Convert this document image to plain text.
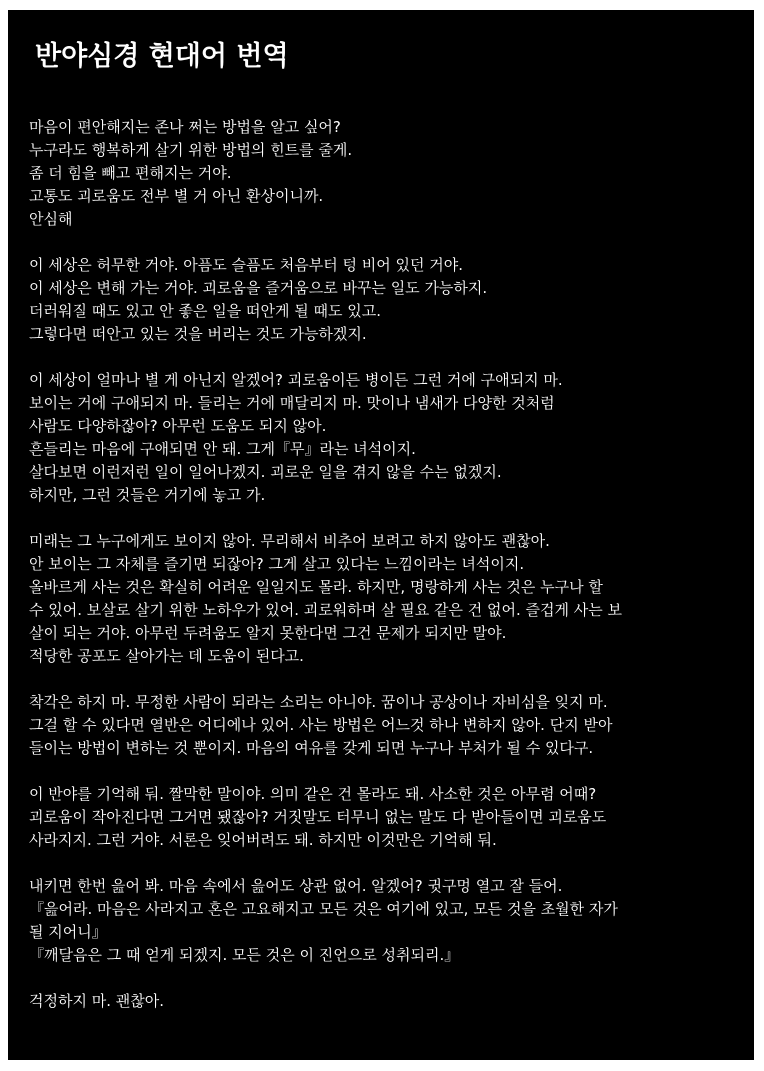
반야심경 현대어 번역

마음이 편안해지는 존나 쩌는 방법을 알고 싶어?
누구라도 행복하게 살기 위한 방법의 힌트를 줄게.
좀 더 힘을 빼고 편해지는 거야.
고통도 괴로움도 전부 별 거 아닌 환상이니까.
안심해

이 세상은 허무한 거야. 아픔도 슬픔도 처음부터 텅 비어 있던 거야.
이 세상은 변해 가는 거야. 괴로움을 즐거움으로 바꾸는 일도 가능하지.
더러워질 때도 있고 안 좋은 일을 떠안게 될 때도 있고.
그렇다면 떠안고 있는 것을 버리는 것도 가능하겠지.

이 세상이 얼마나 별 게 아닌지 알겠어? 괴로움이든 병이든 그런 거에 구애되지 마.
보이는 거에 구애되지 마. 들리는 거에 매달리지 마. 맛이나 냄새가 다양한 것처럼
사람도 다양하잖아? 아무런 도움도 되지 않아.
흔들리는 마음에 구애되면 안 돼. 그게『무』라는 녀석이지.
살다보면 이런저런 일이 일어나겠지. 괴로운 일을 겪지 않을 수는 없겠지.
하지만, 그런 것들은 거기에 놓고 가.

미래는 그 누구에게도 보이지 않아. 무리해서 비추어 보려고 하지 않아도 괜찮아.
안 보이는 그 자체를 즐기면 되잖아? 그게 살고 있다는 느낌이라는 녀석이지.
올바르게 사는 것은 확실히 어려운 일일지도 몰라. 하지만, 명랑하게 사는 것은 누구나 할
수 있어. 보살로 살기 위한 노하우가 있어. 괴로워하며 살 필요 같은 건 없어. 즐겁게 사는 보
살이 되는 거야. 아무런 두려움도 알지 못한다면 그건 문제가 되지만 말야.
적당한 공포도 살아가는 데 도움이 된다고.

착각은 하지 마. 무정한 사람이 되라는 소리는 아니야. 꿈이나 공상이나 자비심을 잊지 마.
그걸 할 수 있다면 열반은 어디에나 있어. 사는 방법은 어느것 하나 변하지 않아. 단지 받아
들이는 방법이 변하는 것 뿐이지. 마음의 여유를 갖게 되면 누구나 부처가 될 수 있다구.

이 반야를 기억해 둬. 짤막한 말이야. 의미 같은 건 몰라도 돼. 사소한 것은 아무렴 어때?
괴로움이 작아진다면 그거면 됐잖아? 거짓말도 터무니 없는 말도 다 받아들이면 괴로움도
사라지지. 그런 거야. 서론은 잊어버려도 돼. 하지만 이것만은 기억해 둬.

내키면 한번 읊어 봐. 마음 속에서 읊어도 상관 없어. 알겠어? 귓구멍 열고 잘 들어.
『읊어라. 마음은 사라지고 혼은 고요해지고 모든 것은 여기에 있고, 모든 것을 초월한 자가
될 지어니』
『깨달음은 그 때 얻게 되겠지. 모든 것은 이 진언으로 성취되리.』

걱정하지 마. 괜찮아.
